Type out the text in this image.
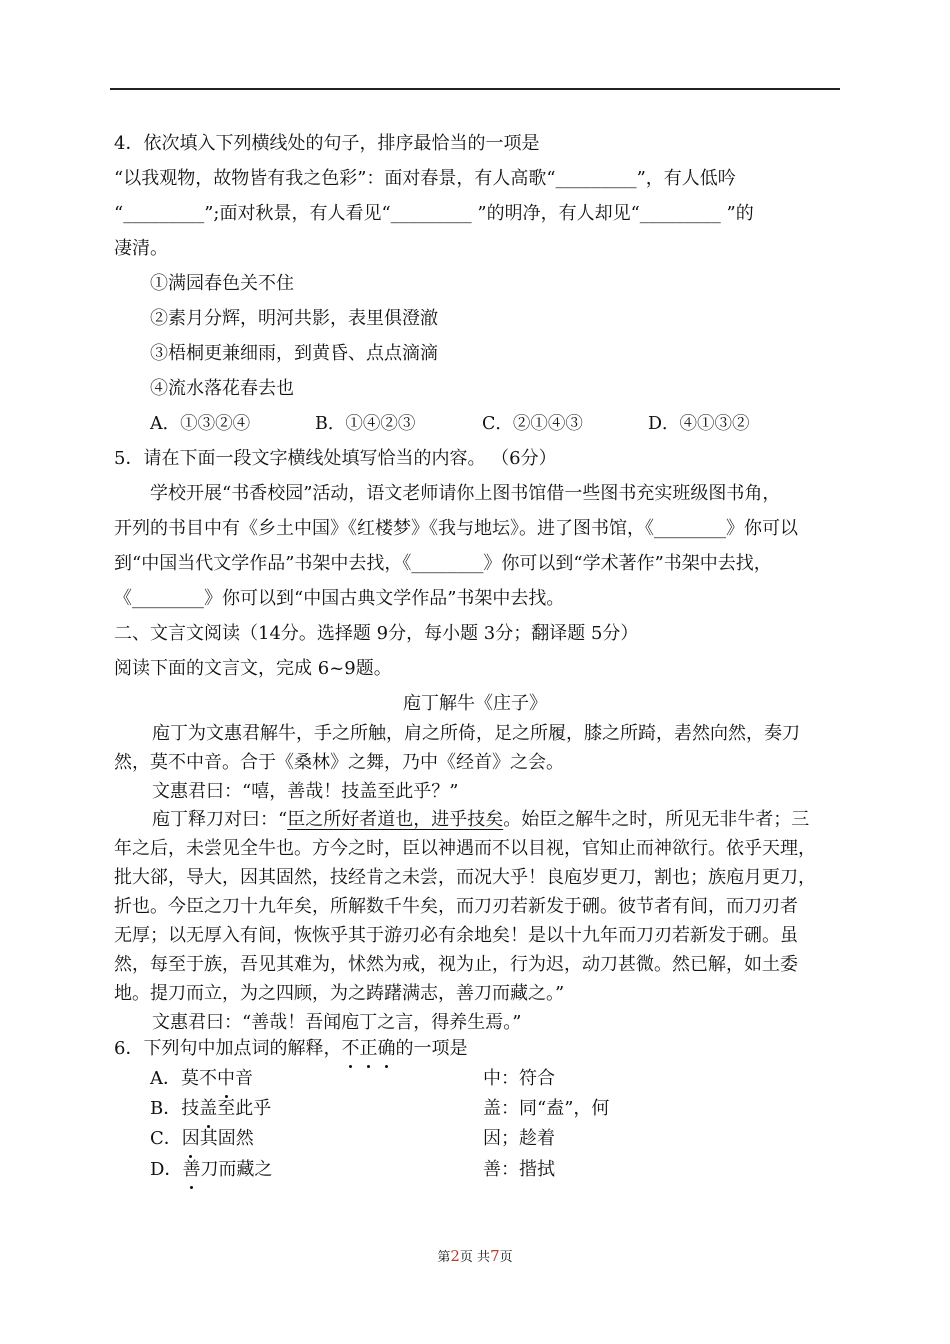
4．依次填入下列横线处的句子，排序最恰当的一项是
“以我观物，故物皆有我之色彩”：面对春景，有人高歌“_________”，有人低吟
“_________”;面对秋景，有人看见“_________ ”的明净，有人却见“_________ ”的
凄清。
①满园春色关不住
②素月分辉，明河共影，表里俱澄澈
③梧桐更兼细雨，到黄昏、点点滴滴
④流水落花春去也
A．①③②④	B．①④②③	C．②①④③	D．④①③②
5．请在下面一段文字横线处填写恰当的内容。 （6分）
学校开展“书香校园”活动，语文老师请你上图书馆借一些图书充实班级图书角，
开列的书目中有《乡土中国》《红楼梦》《我与地坛》。进了图书馆，《________》你可以
到“中国当代文学作品”书架中去找，《________》你可以到“学术著作”书架中去找，
《________》你可以到“中国古典文学作品”书架中去找。
二、文言文阅读（14分。选择题 9分，每小题 3分；翻译题 5分）
阅读下面的文言文，完成 6~9题。
庖丁解牛《庄子》
庖丁为文惠君解牛，手之所触，肩之所倚，足之所履，膝之所踦，砉然向然，奏刀
然，莫不中音。合于《桑林》之舞，乃中《经首》之会。
文惠君曰：“嘻，善哉！技盖至此乎？”
庖丁释刀对曰：“臣之所好者道也，进乎技矣。始臣之解牛之时，所见无非牛者；三
年之后，未尝见全牛也。方今之时，臣以神遇而不以目视，官知止而神欲行。依乎天理，
批大郤，导大，因其固然，技经肯之未尝，而况大乎！良庖岁更刀，割也；族庖月更刀，
折也。今臣之刀十九年矣，所解数千牛矣，而刀刃若新发于硎。彼节者有间，而刀刃者
无厚；以无厚入有间，恢恢乎其于游刃必有余地矣！是以十九年而刀刃若新发于硎。虽
然，每至于族，吾见其难为，怵然为戒，视为止，行为迟，动刀甚微。然已解，如土委
地。提刀而立，为之四顾，为之踌躇满志，善刀而藏之。”
文惠君曰：“善哉！吾闻庖丁之言，得养生焉。”
6．下列句中加点词的解释，不正确的一项是
A．莫不中音	中：符合
B．技盖至此乎	盖：同“盍”，何
C．因其固然	因；趁着
D．善刀而藏之	善：揩拭
第2页 共7页
